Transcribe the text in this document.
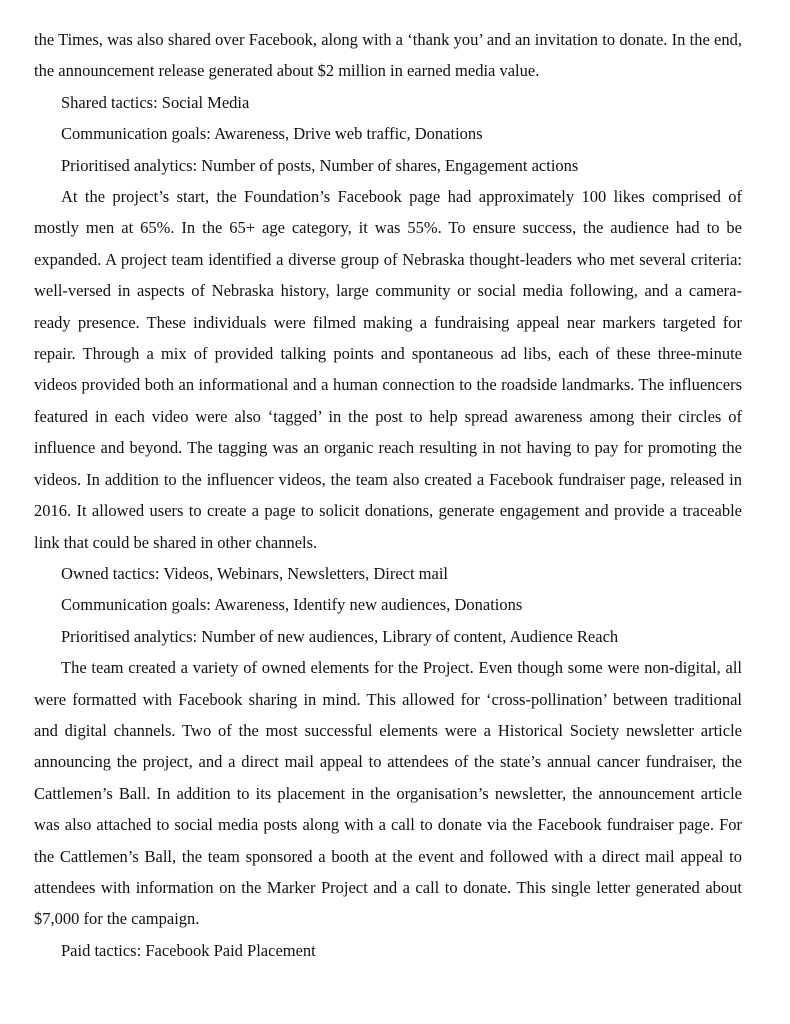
the Times, was also shared over Facebook, along with a ‘thank you’ and an invitation to donate. In the end, the announcement release generated about $2 million in earned media value.

Shared tactics: Social Media

Communication goals: Awareness, Drive web traffic, Donations

Prioritised analytics: Number of posts, Number of shares, Engagement actions

At the project’s start, the Foundation’s Facebook page had approximately 100 likes comprised of mostly men at 65%. In the 65+ age category, it was 55%. To ensure success, the audience had to be expanded. A project team identified a diverse group of Nebraska thought-leaders who met several criteria: well-versed in aspects of Nebraska history, large community or social media following, and a camera-ready presence. These individuals were filmed making a fundraising appeal near markers targeted for repair. Through a mix of provided talking points and spontaneous ad libs, each of these three-minute videos provided both an informational and a human connection to the roadside landmarks. The influencers featured in each video were also ‘tagged’ in the post to help spread awareness among their circles of influence and beyond. The tagging was an organic reach resulting in not having to pay for promoting the videos. In addition to the influencer videos, the team also created a Facebook fundraiser page, released in 2016. It allowed users to create a page to solicit donations, generate engagement and provide a traceable link that could be shared in other channels.

Owned tactics: Videos, Webinars, Newsletters, Direct mail

Communication goals: Awareness, Identify new audiences, Donations

Prioritised analytics: Number of new audiences, Library of content, Audience Reach

The team created a variety of owned elements for the Project. Even though some were non-digital, all were formatted with Facebook sharing in mind. This allowed for ‘cross-pollination’ between traditional and digital channels. Two of the most successful elements were a Historical Society newsletter article announcing the project, and a direct mail appeal to attendees of the state’s annual cancer fundraiser, the Cattlemen’s Ball. In addition to its placement in the organisation’s newsletter, the announcement article was also attached to social media posts along with a call to donate via the Facebook fundraiser page. For the Cattlemen’s Ball, the team sponsored a booth at the event and followed with a direct mail appeal to attendees with information on the Marker Project and a call to donate. This single letter generated about $7,000 for the campaign.

Paid tactics: Facebook Paid Placement
